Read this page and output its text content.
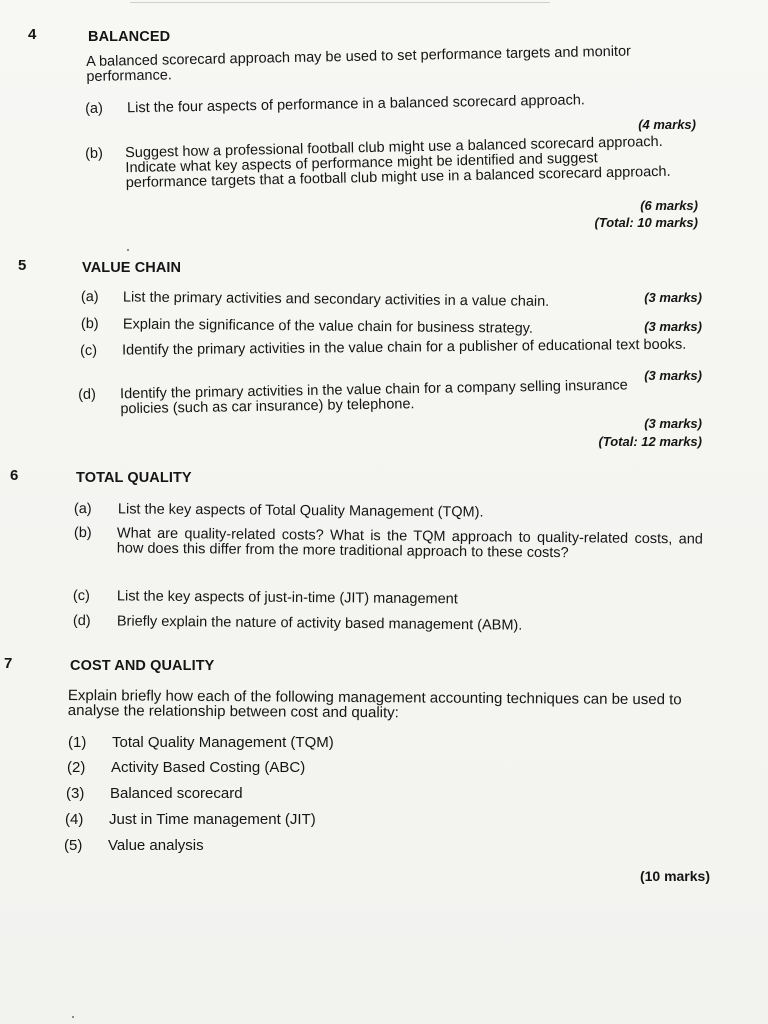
4	BALANCED
A balanced scorecard approach may be used to set performance targets and monitor performance.
(a) List the four aspects of performance in a balanced scorecard approach.
(4 marks)
(b) Suggest how a professional football club might use a balanced scorecard approach. Indicate what key aspects of performance might be identified and suggest performance targets that a football club might use in a balanced scorecard approach.
(6 marks)
(Total: 10 marks)
5	VALUE CHAIN
(a) List the primary activities and secondary activities in a value chain.	(3 marks)
(b) Explain the significance of the value chain for business strategy.	(3 marks)
(c) Identify the primary activities in the value chain for a publisher of educational text books.
(3 marks)
(d) Identify the primary activities in the value chain for a company selling insurance policies (such as car insurance) by telephone.
(3 marks)
(Total: 12 marks)
6	TOTAL QUALITY
(a) List the key aspects of Total Quality Management (TQM).
(b) What are quality-related costs? What is the TQM approach to quality-related costs, and how does this differ from the more traditional approach to these costs?
(c) List the key aspects of just-in-time (JIT) management
(d) Briefly explain the nature of activity based management (ABM).
7	COST AND QUALITY
Explain briefly how each of the following management accounting techniques can be used to analyse the relationship between cost and quality:
(1) Total Quality Management (TQM)
(2) Activity Based Costing (ABC)
(3) Balanced scorecard
(4) Just in Time management (JIT)
(5) Value analysis
(10 marks)
